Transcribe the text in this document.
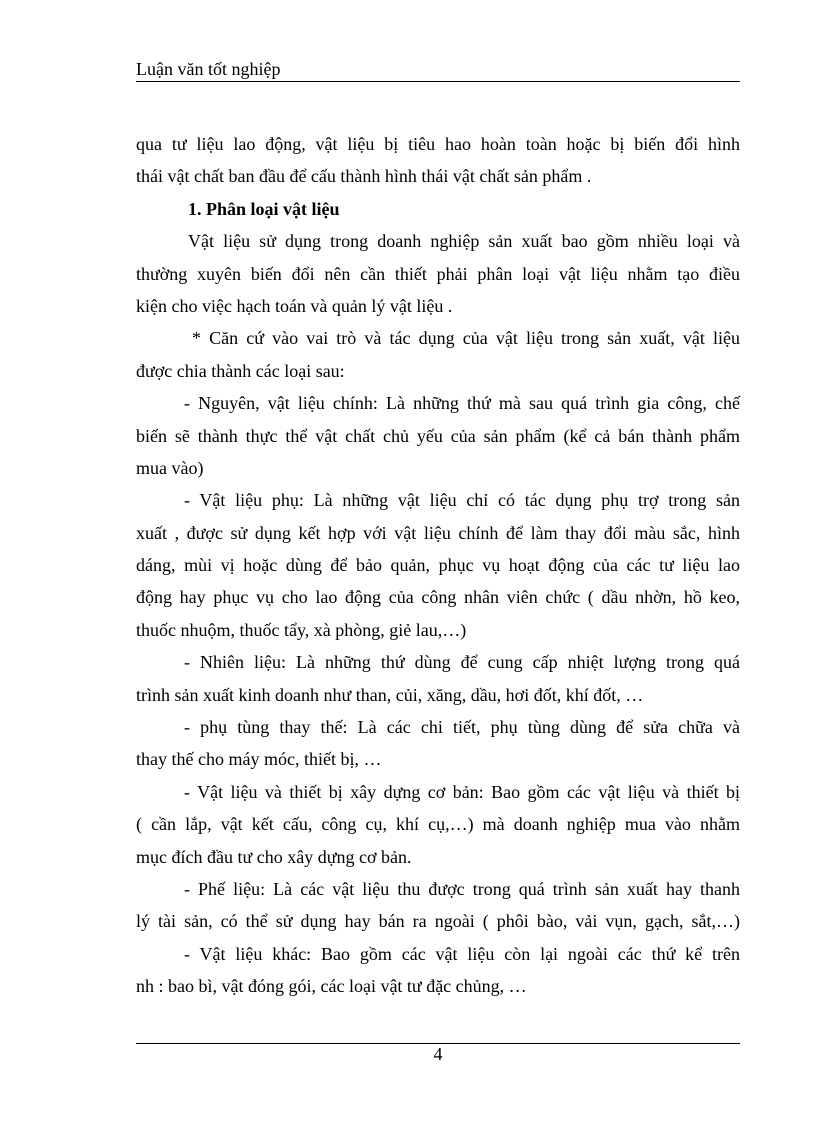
Luận văn tốt nghiệp
qua tư liệu lao động, vật liệu bị tiêu hao hoàn toàn hoặc bị biến đổi hình
thái vật chất ban đầu để cấu thành hình thái vật chất sản phẩm .
1. Phân loại vật liệu
Vật liệu sử dụng trong doanh nghiệp sản xuất bao gồm nhiều loại và
thường xuyên biến đổi nên cần thiết phải phân loại vật liệu nhằm tạo điều
kiện cho việc hạch toán và quản lý vật liệu .
* Căn cứ vào vai trò và tác dụng của vật liệu trong sản xuất, vật liệu
được chia thành các loại sau:
- Nguyên, vật liệu chính: Là những thứ mà sau quá trình gia công, chế
biến sẽ thành thực thể vật chất chủ yếu của sản phẩm (kể cả bán thành phẩm
mua vào)
- Vật liệu phụ: Là những vật liệu chỉ có tác dụng phụ trợ trong sản
xuất , được sử dụng kết hợp với vật liệu chính để làm thay đổi màu sắc, hình
dáng, mùi vị hoặc dùng để bảo quản, phục vụ hoạt động của các tư liệu lao
động hay phục vụ cho lao động của công nhân viên chức ( dầu nhờn, hồ keo,
thuốc nhuộm, thuốc tẩy, xà phòng, giẻ lau,…)
- Nhiên liệu: Là những thứ dùng để cung cấp nhiệt lượng trong quá
trình sản xuất kinh doanh như than, củi, xăng, dầu, hơi đốt, khí đốt, …
- phụ tùng thay thế: Là các chi tiết, phụ tùng dùng để sửa chữa và
thay thế cho máy móc, thiết bị, …
- Vật liệu và thiết bị xây dựng cơ bản: Bao gồm các vật liệu và thiết bị
( cần lắp, vật kết cấu, công cụ, khí cụ,…) mà doanh nghiệp mua vào nhằm
mục đích đầu tư cho xây dựng cơ bản.
- Phế liệu: Là các vật liệu thu được trong quá trình sản xuất hay thanh
lý tài sản, có thể sử dụng hay bán ra ngoài ( phôi bào, vải vụn, gạch, sắt,…)
- Vật liệu khác: Bao gồm các vật liệu còn lại ngoài các thứ kể trên
nh : bao bì, vật đóng gói, các loại vật tư đặc chủng, …
4
